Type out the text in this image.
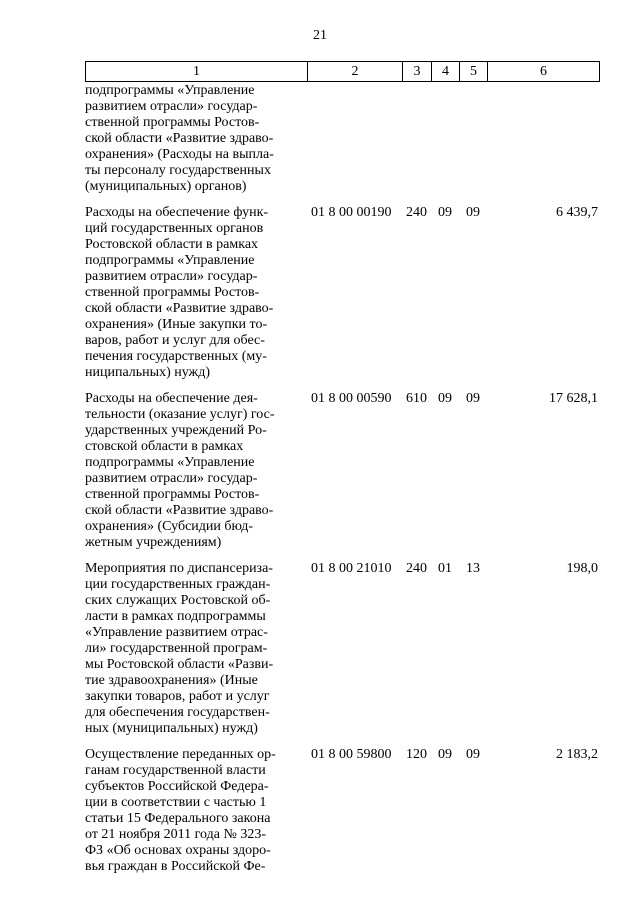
21
1	2	3	4	5	6
подпрограммы «Управление
развитием отрасли» государ-
ственной программы Ростов-
ской области «Развитие здраво-
охранения» (Расходы на выпла-
ты персоналу государственных
(муниципальных) органов)
Расходы на обеспечение функ-
ций государственных органов
Ростовской области в рамках
подпрограммы «Управление
развитием отрасли» государ-
ственной программы Ростов-
ской области «Развитие здраво-
охранения» (Иные закупки то-
варов, работ и услуг для обес-
печения государственных (му-
ниципальных) нужд)
01 8 00 00190	240 09	09	6 439,7
Расходы на обеспечение дея-
тельности (оказание услуг) гос-
ударственных учреждений Ро-
стовской области в рамках
подпрограммы «Управление
развитием отрасли» государ-
ственной программы Ростов-
ской области «Развитие здраво-
охранения» (Субсидии бюд-
жетным учреждениям)
01 8 00 00590	610 09	09	17 628,1
Мероприятия по диспансериза-
ции государственных граждан-
ских служащих Ростовской об-
ласти в рамках подпрограммы
«Управление развитием отрас-
ли» государственной програм-
мы Ростовской области «Разви-
тие здравоохранения» (Иные
закупки товаров, работ и услуг
для обеспечения государствен-
ных (муниципальных) нужд)
01 8 00 21010	240 01	13	198,0
Осуществление переданных ор-
ганам государственной власти
субъектов Российской Федера-
ции в соответствии с частью 1
статьи 15 Федерального закона
от 21 ноября 2011 года № 323-
ФЗ «Об основах охраны здоро-
вья граждан в Российской Фе-
01 8 00 59800	120 09	09	2 183,2
